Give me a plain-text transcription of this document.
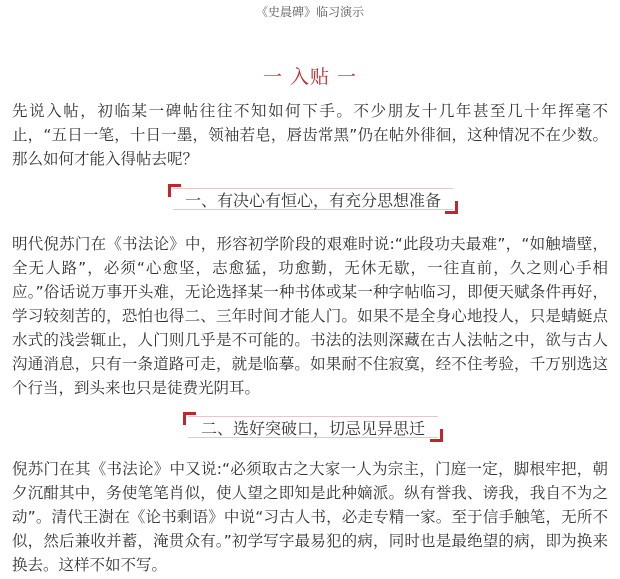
《史晨碑》临习演示
一 入贴 一

先说入帖，初临某一碑帖往往不知如何下手。不少朋友十几年甚至几十年挥毫不止，“五日一笔，十日一墨，领袖若皂，唇齿常黑”仍在帖外徘徊，这种情况不在少数。那么如何才能入得帖去呢？

一、有决心有恒心，有充分思想准备

明代倪苏门在《书法论》中，形容初学阶段的艰难时说:“此段功夫最难”，“如触墙壁，全无人路”，必须“心愈坚，志愈猛，功愈勤，无休无歇，一往直前，久之则心手相应。”俗话说万事开头难，无论选择某一种书体或某一种字帖临习，即便天赋条件再好，学习较刻苦的，恐怕也得二、三年时间才能人门。如果不是全身心地投人，只是蜻蜓点水式的浅尝辄止，人门则几乎是不可能的。书法的法则深藏在古人法帖之中，欲与古人沟通消息，只有一条道路可走，就是临摹。如果耐不住寂寞，经不住考验，千万别选这个行当，到头来也只是徒费光阴耳。

二、选好突破口，切忌见异思迁

倪苏门在其《书法论》中又说:“必须取古之大家一人为宗主，门庭一定，脚根牢把，朝夕沉酣其中，务使笔笔肖似，使人望之即知是此种嫡派。纵有誉我、谤我，我自不为之动”。清代王澍在《论书剩语》中说“习古人书，必走专精一家。至于信手触笔，无所不似，然后兼收并蓄，淹贯众有。”初学写字最易犯的病，同时也是最绝望的病，即为换来换去。这样不如不写。
